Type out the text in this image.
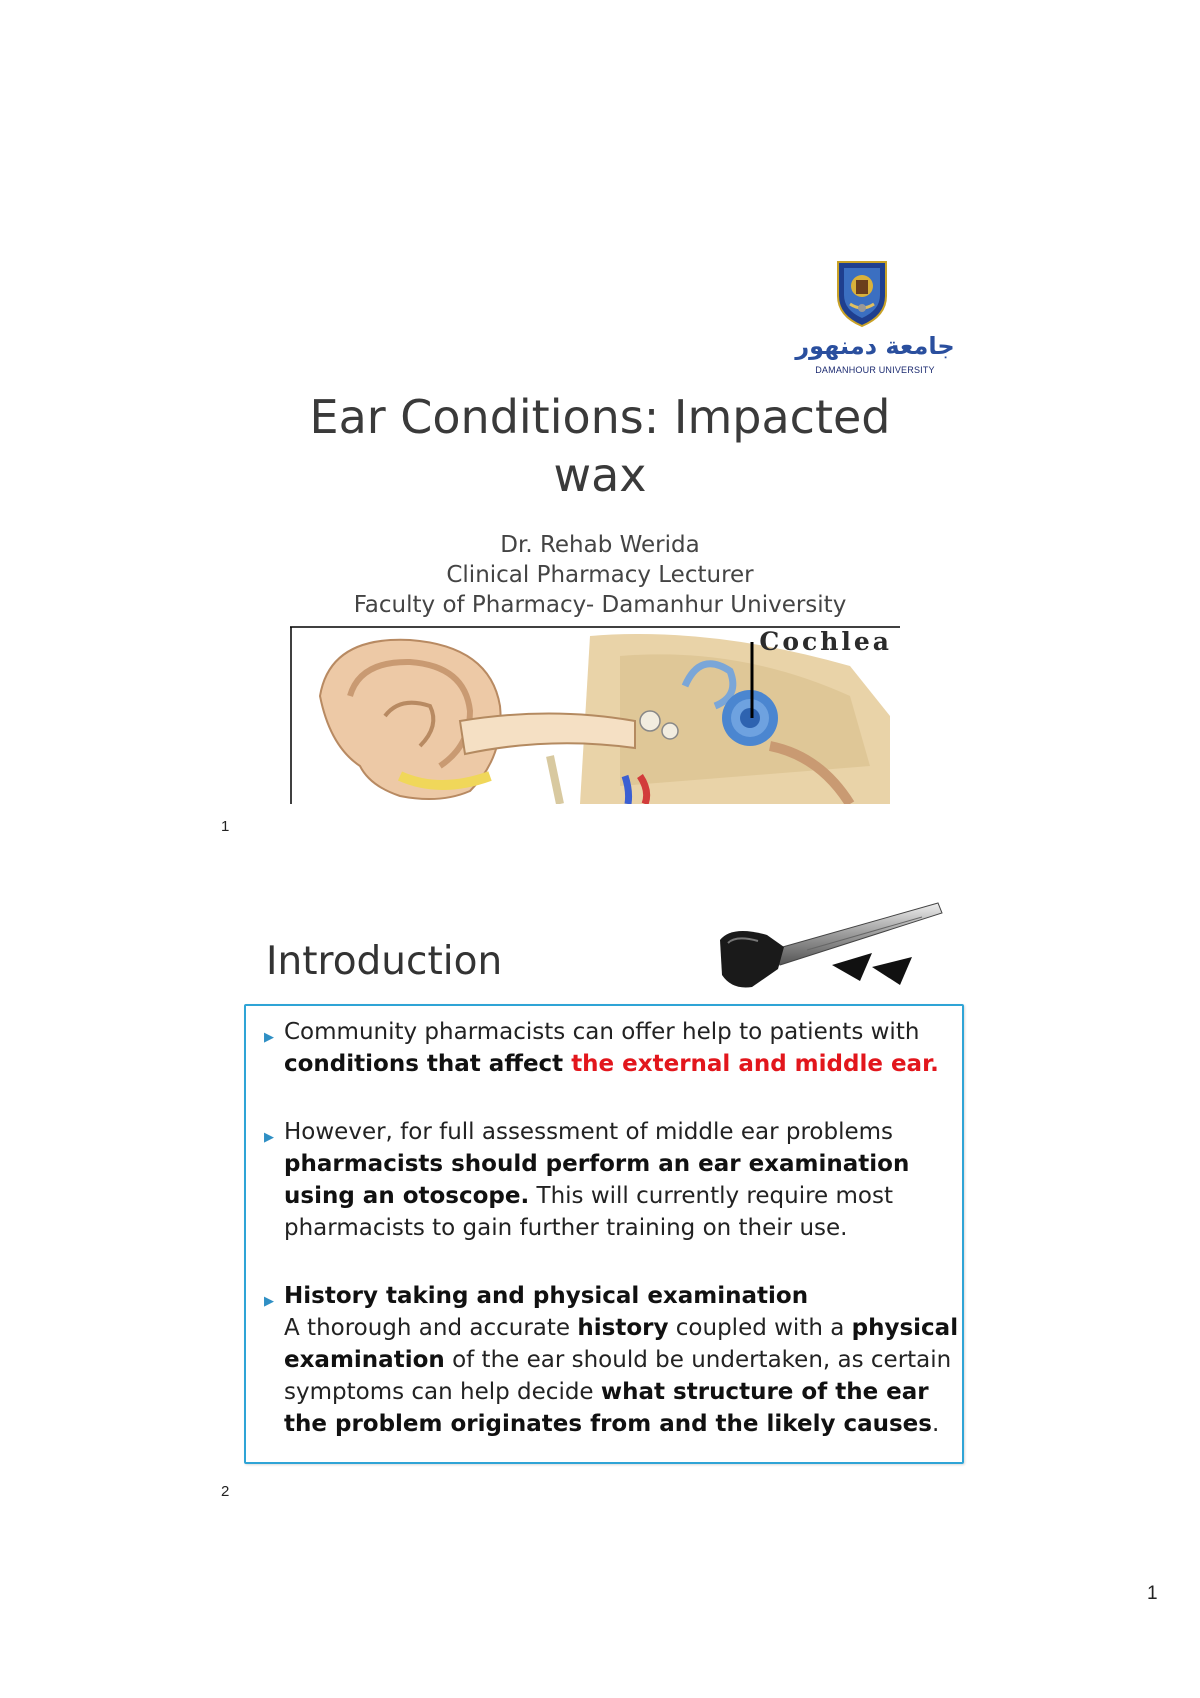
جامعة دمنهور
DAMANHOUR UNIVERSITY
Ear Conditions: Impacted
wax
Dr. Rehab Werida
Clinical Pharmacy Lecturer
Faculty of Pharmacy- Damanhur University
Cochlea
1
Introduction
▶ Community pharmacists can offer help to patients with conditions that affect the external and middle ear.
▶ However, for full assessment of middle ear problems pharmacists should perform an ear examination using an otoscope. This will currently require most pharmacists to gain further training on their use.
▶ History taking and physical examination
A thorough and accurate history coupled with a physical examination of the ear should be undertaken, as certain symptoms can help decide what structure of the ear the problem originates from and the likely causes.
2
1
